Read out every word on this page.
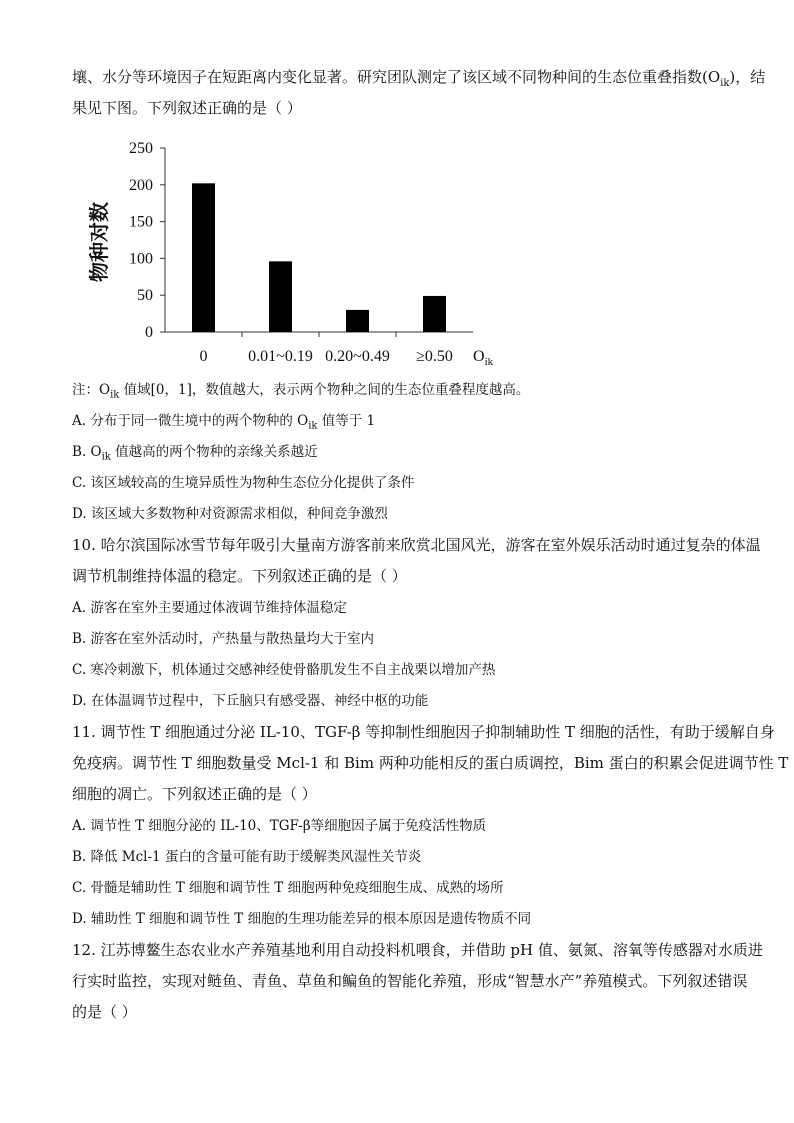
壤、水分等环境因子在短距离内变化显著。研究团队测定了该区域不同物种间的生态位重叠指数$(O_{ik})$，结
果见下图。下列叙述正确的是（ ）
0
50
100
150
200
250
0	0.01~0.19 0.20~0.49 ≥0.50 $O_{ik}$
物种对数
注：$O_{ik}$ 值域[0，1]，数值越大，表示两个物种之间的生态位重叠程度越高。
A. 分布于同一微生境中的两个物种的 $O_{ik}$ 值等于 1
B. $O_{ik}$ 值越高的两个物种的亲缘关系越近
C. 该区域较高的生境异质性为物种生态位分化提供了条件
D. 该区域大多数物种对资源需求相似，种间竞争激烈
10. 哈尔滨国际冰雪节每年吸引大量南方游客前来欣赏北国风光，游客在室外娱乐活动时通过复杂的体温
调节机制维持体温的稳定。下列叙述正确的是（ ）
A. 游客在室外主要通过体液调节维持体温稳定
B. 游客在室外活动时，产热量与散热量均大于室内
C. 寒冷刺激下，机体通过交感神经使骨骼肌发生不自主战栗以增加产热
D. 在体温调节过程中，下丘脑只有感受器、神经中枢的功能
11. 调节性 T 细胞通过分泌 IL-10、TGF-β 等抑制性细胞因子抑制辅助性 T 细胞的活性，有助于缓解自身
免疫病。调节性 T 细胞数量受 Mcl-1 和 Bim 两种功能相反的蛋白质调控，Bim 蛋白的积累会促进调节性 T
细胞的凋亡。下列叙述正确的是（ ）
A. 调节性 T 细胞分泌的 IL-10、TGF-β等细胞因子属于免疫活性物质
B. 降低 Mcl-1 蛋白的含量可能有助于缓解类风湿性关节炎
C. 骨髓是辅助性 T 细胞和调节性 T 细胞两种免疫细胞生成、成熟的场所
D. 辅助性 T 细胞和调节性 T 细胞的生理功能差异的根本原因是遗传物质不同
12. 江苏博鳌生态农业水产养殖基地利用自动投料机喂食，并借助 pH 值、氨氮、溶氧等传感器对水质进
行实时监控，实现对鲢鱼、青鱼、草鱼和鳊鱼的智能化养殖，形成“智慧水产”养殖模式。下列叙述错误
的是（ ）
